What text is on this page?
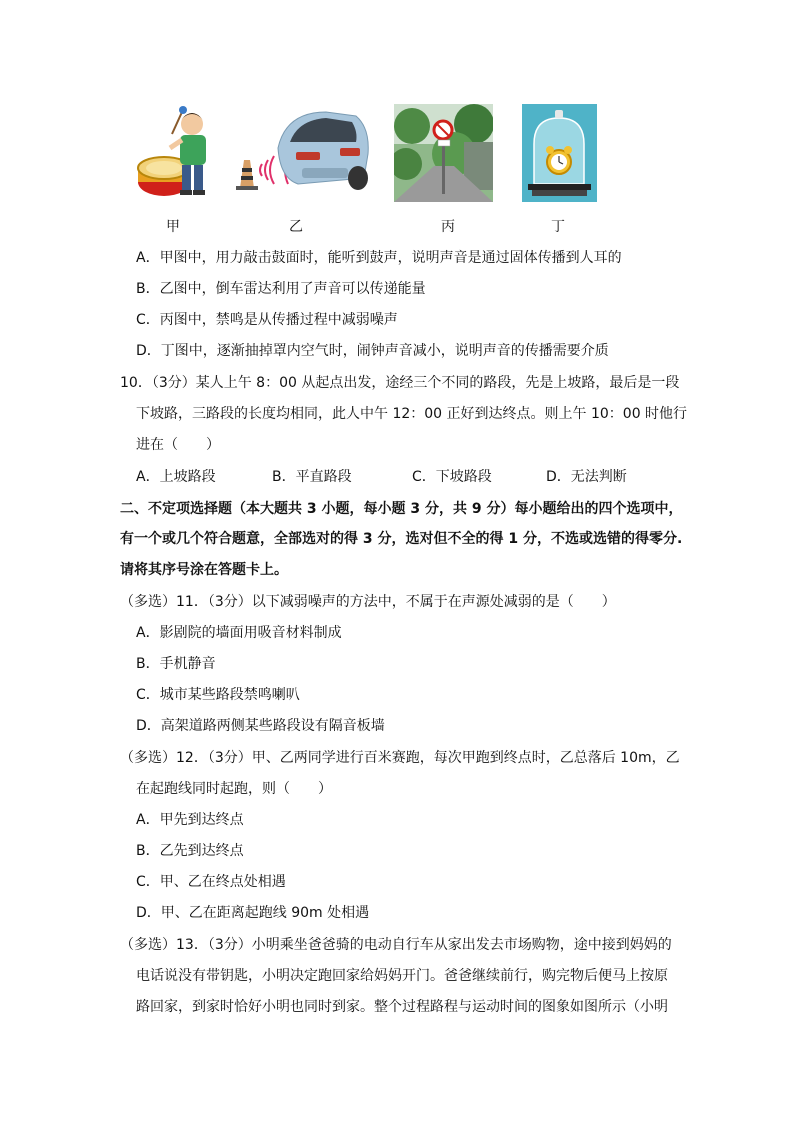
甲	乙	丙	丁
A．甲图中，用力敲击鼓面时，能听到鼓声，说明声音是通过固体传播到人耳的
B．乙图中，倒车雷达利用了声音可以传递能量
C．丙图中，禁鸣是从传播过程中减弱噪声
D．丁图中，逐渐抽掉罩内空气时，闹钟声音减小，说明声音的传播需要介质
10．（3分）某人上午 8：00 从起点出发，途经三个不同的路段，先是上坡路，最后是一段
下坡路，三路段的长度均相同，此人中午 12：00 正好到达终点。则上午 10：00 时他行
进在（　　）
A．上坡路段	B．平直路段	C．下坡路段	D．无法判断
二、不定项选择题（本大题共 3 小题，每小题 3 分，共 9 分）每小题给出的四个选项中，
有一个或几个符合题意，全部选对的得 3 分，选对但不全的得 1 分，不选或选错的得零分.
请将其序号涂在答题卡上。
（多选）11．（3分）以下减弱噪声的方法中，不属于在声源处减弱的是（　　）
A．影剧院的墙面用吸音材料制成
B．手机静音
C．城市某些路段禁鸣喇叭
D．高架道路两侧某些路段设有隔音板墙
（多选）12．（3分）甲、乙两同学进行百米赛跑，每次甲跑到终点时，乙总落后 10m，乙
在起跑线同时起跑，则（　　）
A．甲先到达终点
B．乙先到达终点
C．甲、乙在终点处相遇
D．甲、乙在距离起跑线 90m 处相遇
（多选）13．（3分）小明乘坐爸爸骑的电动自行车从家出发去市场购物，途中接到妈妈的
电话说没有带钥匙，小明决定跑回家给妈妈开门。爸爸继续前行，购完物后便马上按原
路回家，到家时恰好小明也同时到家。整个过程路程与运动时间的图象如图所示（小明
